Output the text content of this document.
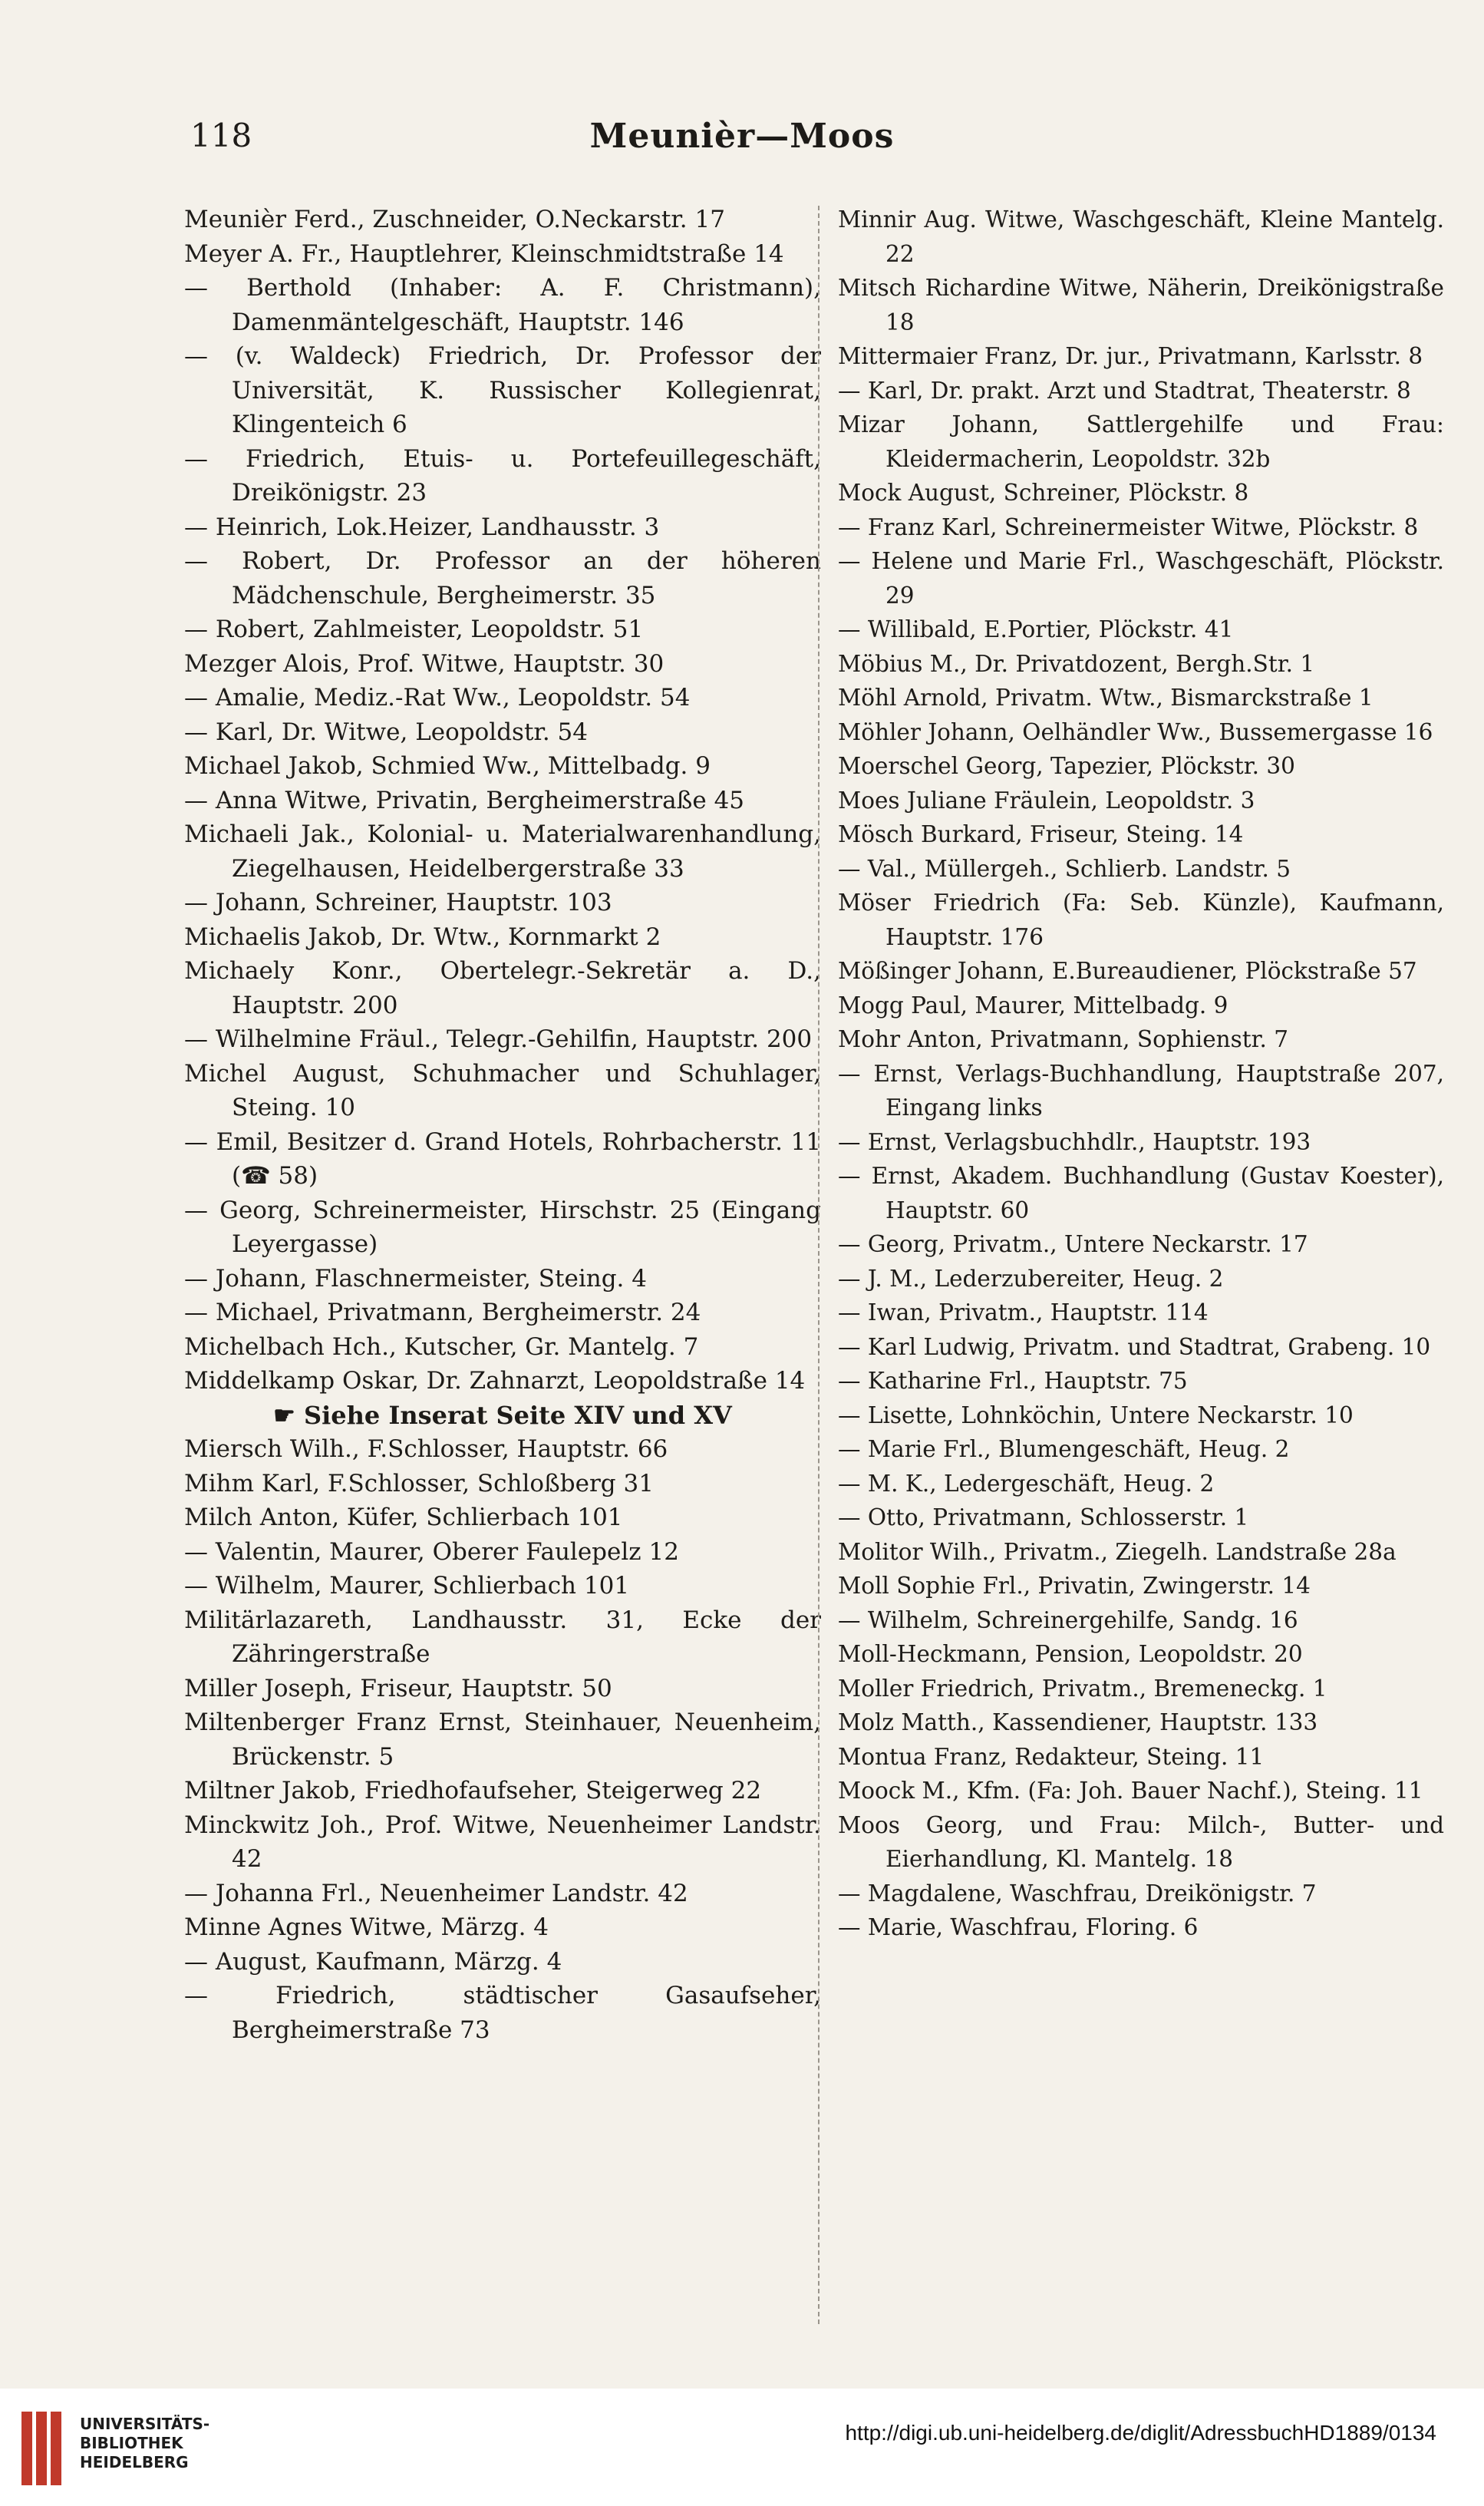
118	Meunièr—Moos
Meunièr Ferd., Zuschneider, O.Neckarstr. 17
Meyer A. Fr., Hauptlehrer, Kleinschmidtstraße 14
— Berthold (Inhaber: A. F. Christmann), Damenmäntelgeschäft, Hauptstr. 146
— (v. Waldeck) Friedrich, Dr. Professor der Universität, K. Russischer Kollegienrat, Klingenteich 6
— Friedrich, Etuis- u. Portefeuillegeschäft, Dreikönigstr. 23
— Heinrich, Lok.Heizer, Landhausstr. 3
— Robert, Dr. Professor an der höheren Mädchenschule, Bergheimerstr. 35
— Robert, Zahlmeister, Leopoldstr. 51
Mezger Alois, Prof. Witwe, Hauptstr. 30
— Amalie, Mediz.-Rat Ww., Leopoldstr. 54
— Karl, Dr. Witwe, Leopoldstr. 54
Michael Jakob, Schmied Ww., Mittelbadg. 9
— Anna Witwe, Privatin, Bergheimerstraße 45
Michaeli Jak., Kolonial- u. Materialwarenhandlung, Ziegelhausen, Heidelbergerstraße 33
— Johann, Schreiner, Hauptstr. 103
Michaelis Jakob, Dr. Wtw., Kornmarkt 2
Michaely Konr., Obertelegr.-Sekretär a. D., Hauptstr. 200
— Wilhelmine Fräul., Telegr.-Gehilfin, Hauptstr. 200
Michel August, Schuhmacher und Schuhlager, Steing. 10
— Emil, Besitzer d. Grand Hotels, Rohrbacherstr. 11 (☎ 58)
— Georg, Schreinermeister, Hirschstr. 25 (Eingang Leyergasse)
— Johann, Flaschnermeister, Steing. 4
— Michael, Privatmann, Bergheimerstr. 24
Michelbach Hch., Kutscher, Gr. Mantelg. 7
Middelkamp Oskar, Dr. Zahnarzt, Leopoldstraße 14
☛ Siehe Inserat Seite XIV und XV
Miersch Wilh., F.Schlosser, Hauptstr. 66
Mihm Karl, F.Schlosser, Schloßberg 31
Milch Anton, Küfer, Schlierbach 101
— Valentin, Maurer, Oberer Faulepelz 12
— Wilhelm, Maurer, Schlierbach 101
Militärlazareth, Landhausstr. 31, Ecke der Zähringerstraße
Miller Joseph, Friseur, Hauptstr. 50
Miltenberger Franz Ernst, Steinhauer, Neuenheim, Brückenstr. 5
Miltner Jakob, Friedhofaufseher, Steigerweg 22
Minckwitz Joh., Prof. Witwe, Neuenheimer Landstr. 42
— Johanna Frl., Neuenheimer Landstr. 42
Minne Agnes Witwe, Märzg. 4
— August, Kaufmann, Märzg. 4
— Friedrich, städtischer Gasaufseher, Bergheimerstraße 73
Minnir Aug. Witwe, Waschgeschäft, Kleine Mantelg. 22
Mitsch Richardine Witwe, Näherin, Dreikönigstraße 18
Mittermaier Franz, Dr. jur., Privatmann, Karlsstr. 8
— Karl, Dr. prakt. Arzt und Stadtrat, Theaterstr. 8
Mizar Johann, Sattlergehilfe und Frau: Kleidermacherin, Leopoldstr. 32b
Mock August, Schreiner, Plöckstr. 8
— Franz Karl, Schreinermeister Witwe, Plöckstr. 8
— Helene und Marie Frl., Waschgeschäft, Plöckstr. 29
— Willibald, E.Portier, Plöckstr. 41
Möbius M., Dr. Privatdozent, Bergh.Str. 1
Möhl Arnold, Privatm. Wtw., Bismarckstraße 1
Möhler Johann, Oelhändler Ww., Bussemergasse 16
Moerschel Georg, Tapezier, Plöckstr. 30
Moes Juliane Fräulein, Leopoldstr. 3
Mösch Burkard, Friseur, Steing. 14
— Val., Müllergeh., Schlierb. Landstr. 5
Möser Friedrich (Fa: Seb. Künzle), Kaufmann, Hauptstr. 176
Mößinger Johann, E.Bureaudiener, Plöckstraße 57
Mogg Paul, Maurer, Mittelbadg. 9
Mohr Anton, Privatmann, Sophienstr. 7
— Ernst, Verlags-Buchhandlung, Hauptstraße 207, Eingang links
— Ernst, Verlagsbuchhdlr., Hauptstr. 193
— Ernst, Akadem. Buchhandlung (Gustav Koester), Hauptstr. 60
— Georg, Privatm., Untere Neckarstr. 17
— J. M., Lederzubereiter, Heug. 2
— Iwan, Privatm., Hauptstr. 114
— Karl Ludwig, Privatm. und Stadtrat, Grabeng. 10
— Katharine Frl., Hauptstr. 75
— Lisette, Lohnköchin, Untere Neckarstr. 10
— Marie Frl., Blumengeschäft, Heug. 2
— M. K., Ledergeschäft, Heug. 2
— Otto, Privatmann, Schlosserstr. 1
Molitor Wilh., Privatm., Ziegelh. Landstraße 28a
Moll Sophie Frl., Privatin, Zwingerstr. 14
— Wilhelm, Schreinergehilfe, Sandg. 16
Moll-Heckmann, Pension, Leopoldstr. 20
Moller Friedrich, Privatm., Bremeneckg. 1
Molz Matth., Kassendiener, Hauptstr. 133
Montua Franz, Redakteur, Steing. 11
Moock M., Kfm. (Fa: Joh. Bauer Nachf.), Steing. 11
Moos Georg, und Frau: Milch-, Butter- und Eierhandlung, Kl. Mantelg. 18
— Magdalene, Waschfrau, Dreikönigstr. 7
— Marie, Waschfrau, Floring. 6
UNIVERSITÄTS-
BIBLIOTHEK
HEIDELBERG
http://digi.ub.uni-heidelberg.de/diglit/AdressbuchHD1889/0134
